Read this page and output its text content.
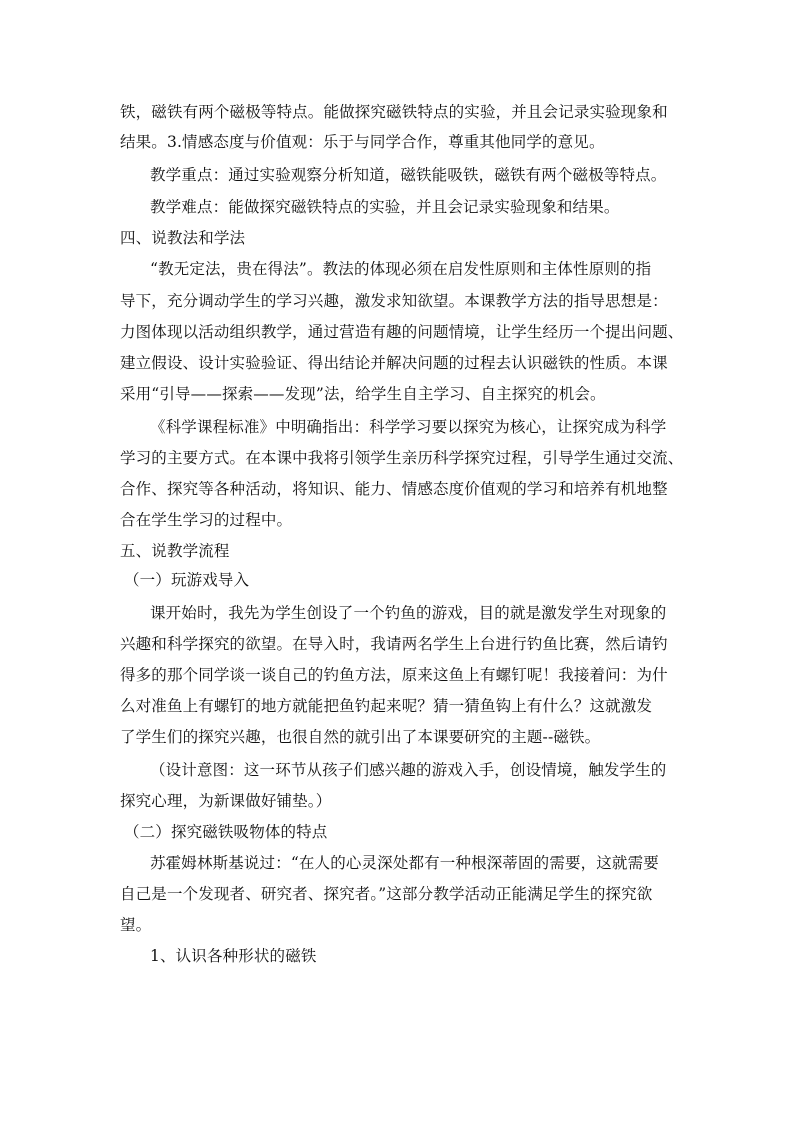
铁，磁铁有两个磁极等特点。能做探究磁铁特点的实验，并且会记录实验现象和
结果。3.情感态度与价值观：乐于与同学合作，尊重其他同学的意见。
教学重点：通过实验观察分析知道，磁铁能吸铁，磁铁有两个磁极等特点。
教学难点：能做探究磁铁特点的实验，并且会记录实验现象和结果。
四、说教法和学法
“教无定法，贵在得法”。教法的体现必须在启发性原则和主体性原则的指
导下，充分调动学生的学习兴趣，激发求知欲望。本课教学方法的指导思想是：
力图体现以活动组织教学，通过营造有趣的问题情境，让学生经历一个提出问题、
建立假设、设计实验验证、得出结论并解决问题的过程去认识磁铁的性质。本课
采用“引导——探索——发现”法，给学生自主学习、自主探究的机会。
《科学课程标准》中明确指出：科学学习要以探究为核心，让探究成为科学
学习的主要方式。在本课中我将引领学生亲历科学探究过程，引导学生通过交流、
合作、探究等各种活动，将知识、能力、情感态度价值观的学习和培养有机地整
合在学生学习的过程中。
五、说教学流程
（一）玩游戏导入
课开始时，我先为学生创设了一个钓鱼的游戏，目的就是激发学生对现象的
兴趣和科学探究的欲望。在导入时，我请两名学生上台进行钓鱼比赛，然后请钓
得多的那个同学谈一谈自己的钓鱼方法，原来这鱼上有螺钉呢！我接着问：为什
么对准鱼上有螺钉的地方就能把鱼钓起来呢？猜一猜鱼钩上有什么？这就激发
了学生们的探究兴趣，也很自然的就引出了本课要研究的主题--磁铁。
（设计意图：这一环节从孩子们感兴趣的游戏入手，创设情境，触发学生的
探究心理，为新课做好铺垫。）
（二）探究磁铁吸物体的特点
苏霍姆林斯基说过：“在人的心灵深处都有一种根深蒂固的需要，这就需要
自己是一个发现者、研究者、探究者。”这部分教学活动正能满足学生的探究欲
望。
1、认识各种形状的磁铁
